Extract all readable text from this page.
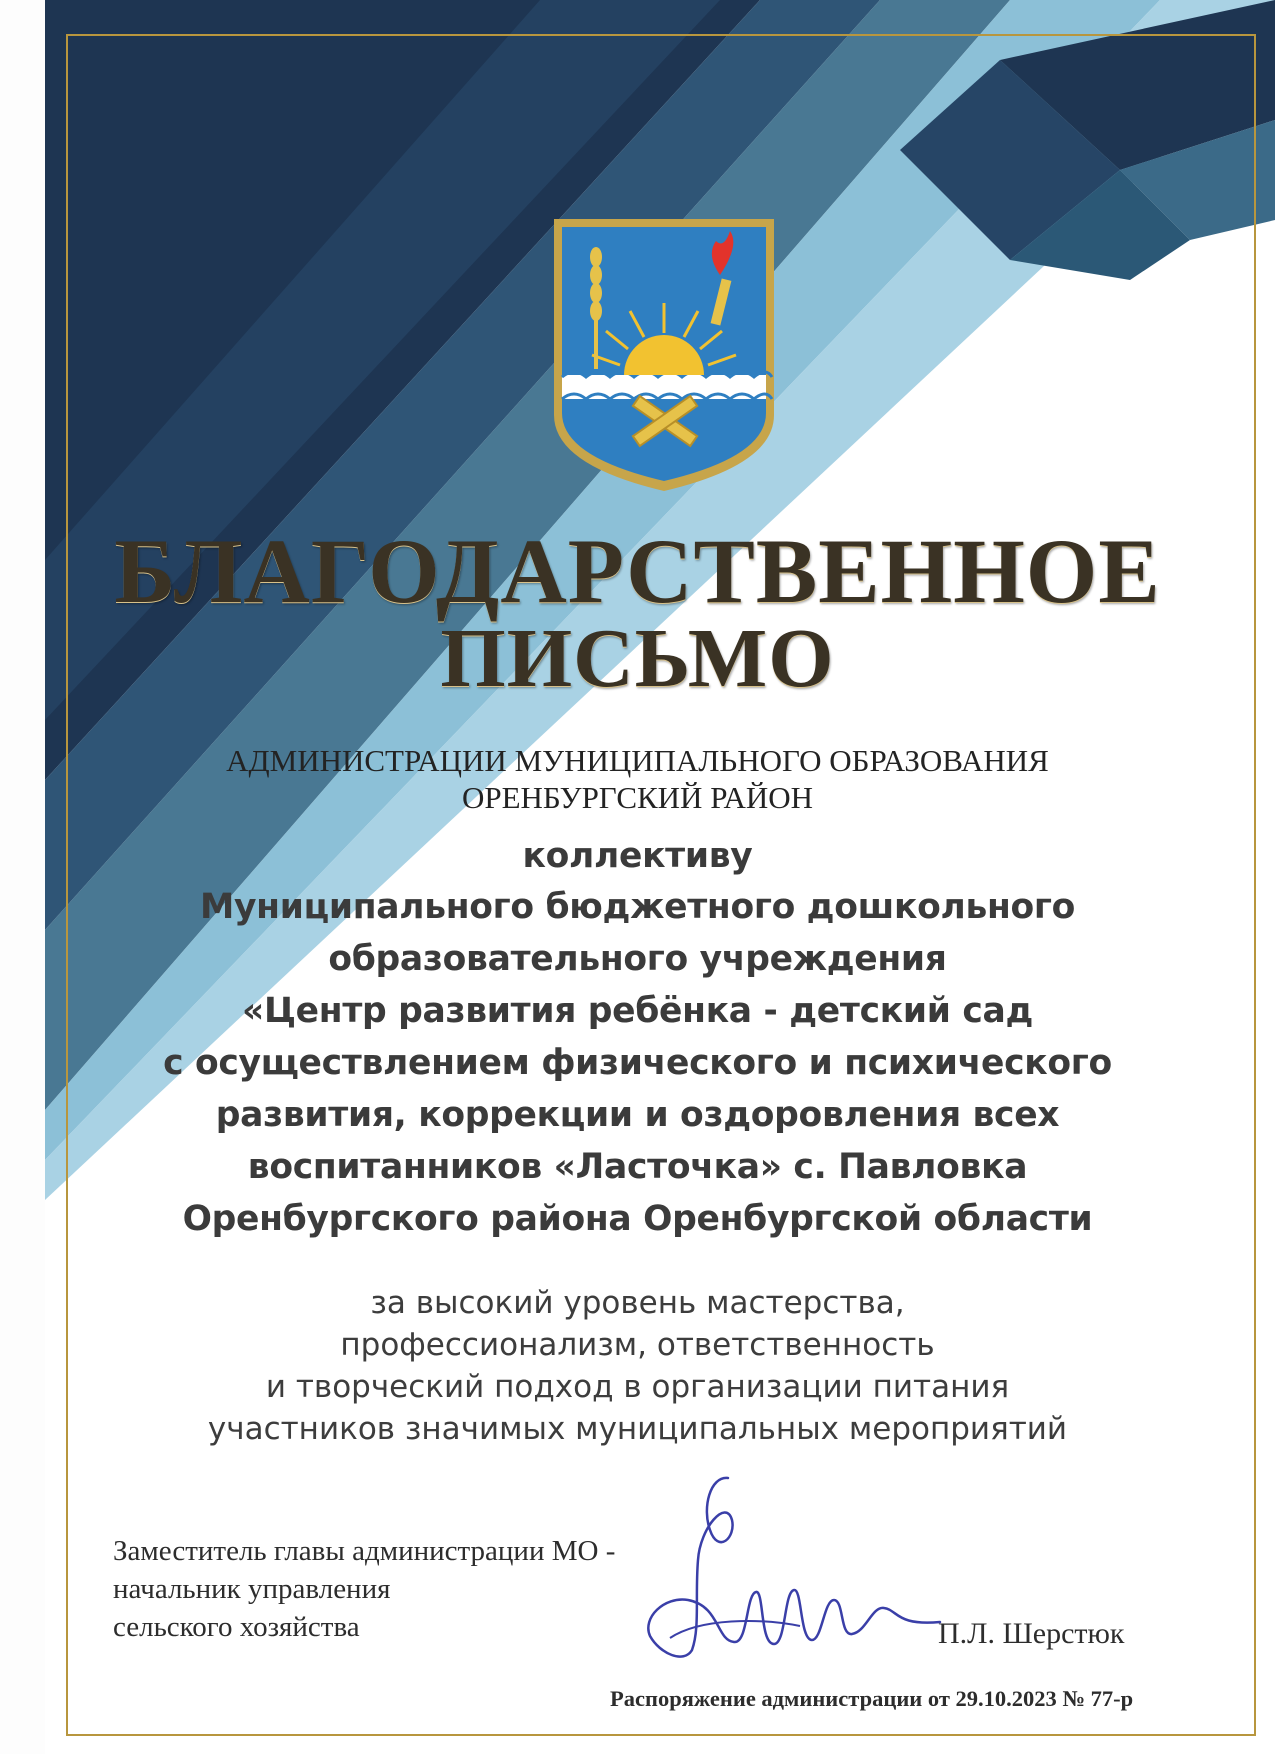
БЛАГОДАРСТВЕННОЕ
ПИСЬМО
АДМИНИСТРАЦИИ МУНИЦИПАЛЬНОГО ОБРАЗОВАНИЯ
ОРЕНБУРГСКИЙ РАЙОН
коллективу
Муниципального бюджетного дошкольного
образовательного учреждения
«Центр развития ребёнка - детский сад
с осуществлением физического и психического
развития, коррекции и оздоровления всех
воспитанников «Ласточка» с. Павловка
Оренбургского района Оренбургской области
за высокий уровень мастерства,
профессионализм, ответственность
и творческий подход в организации питания
участников значимых муниципальных мероприятий
Заместитель главы администрации МО -
начальник управления
сельского хозяйства	П.Л. Шерстюк
Распоряжение администрации от 29.10.2023 № 77-р
